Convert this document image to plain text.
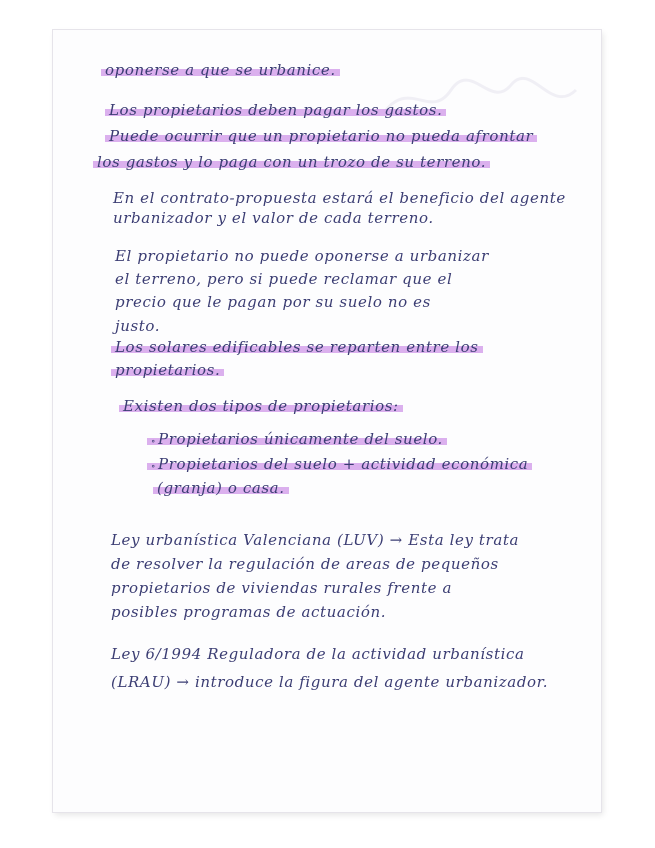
oponerse a que se urbanice.
Los propietarios deben pagar los gastos.
Puede ocurrir que un propietario no pueda afrontar
los gastos y lo paga con un trozo de su terreno.
En el contrato-propuesta estará el beneficio del agente
urbanizador y el valor de cada terreno.
El propietario no puede oponerse a urbanizar
el terreno, pero si puede reclamar que el
precio que le pagan por su suelo no es
justo.
Los solares edificables se reparten entre los
propietarios.
Existen dos tipos de propietarios:
∘ Propietarios únicamente del suelo.
∘ Propietarios del suelo + actividad económica
(granja) o casa.
Ley urbanística Valenciana (LUV) → Esta ley trata
de resolver la regulación de areas de pequeños
propietarios de viviendas rurales frente a
posibles programas de actuación.
Ley 6/1994 Reguladora de la actividad urbanística
(LRAU) → introduce la figura del agente urbanizador.
